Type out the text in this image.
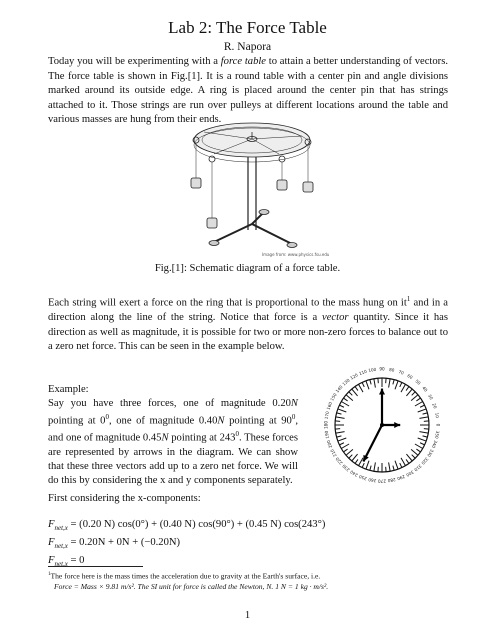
Lab 2: The Force Table
R. Napora
Today you will be experimenting with a force table to attain a better understanding of vectors. The force table is shown in Fig.[1]. It is a round table with a center pin and angle divisions marked around its outside edge. A ring is placed around the center pin that has strings attached to it. Those strings are run over pulleys at different locations around the table and various masses are hung from their ends.
Image from: www.physics.fsu.edu
Fig.[1]: Schematic diagram of a force table.
Each string will exert a force on the ring that is proportional to the mass hung on $it^1$ and in a direction along the line of the string. Notice that force is a vector quantity. Since it has direction as well as magnitude, it is possible for two or more non-zero forces to balance out to a zero net force. This can be seen in the example below.
Example:
Say you have three forces, one of magnitude 0.20N pointing at $0^0$, one of magnitude 0.40N pointing at $90^0$, and one of magnitude 0.45N pointing at $243^0$. These forces are represented by arrows in the diagram. We can show that these three vectors add up to a zero net force. We will do this by considering the x and y components separately.
0
10
20
30
40
50
60
70
80
90
100
110
120
130
140
150
160
170
180
190
200
210
220
230
240 250 260 270 280 290 300
310
320
330
340
350
First considering the x-components:
$F_{net,x} = (0.20$ N) cos(0°) + (0.40 N) cos(90°) + (0.45 N) cos(243°)
$F_{net,x} = 0.20N + 0N + (-0.20N)$
$F_{net,x} = 0$
$^1$The force here is the mass times the acceleration due to gravity at the Earth's surface, i.e.
Force = Mass × 9.81 m/s². The SI unit for force is called the Newton, N. 1 N = 1 kg · m/s².
1
